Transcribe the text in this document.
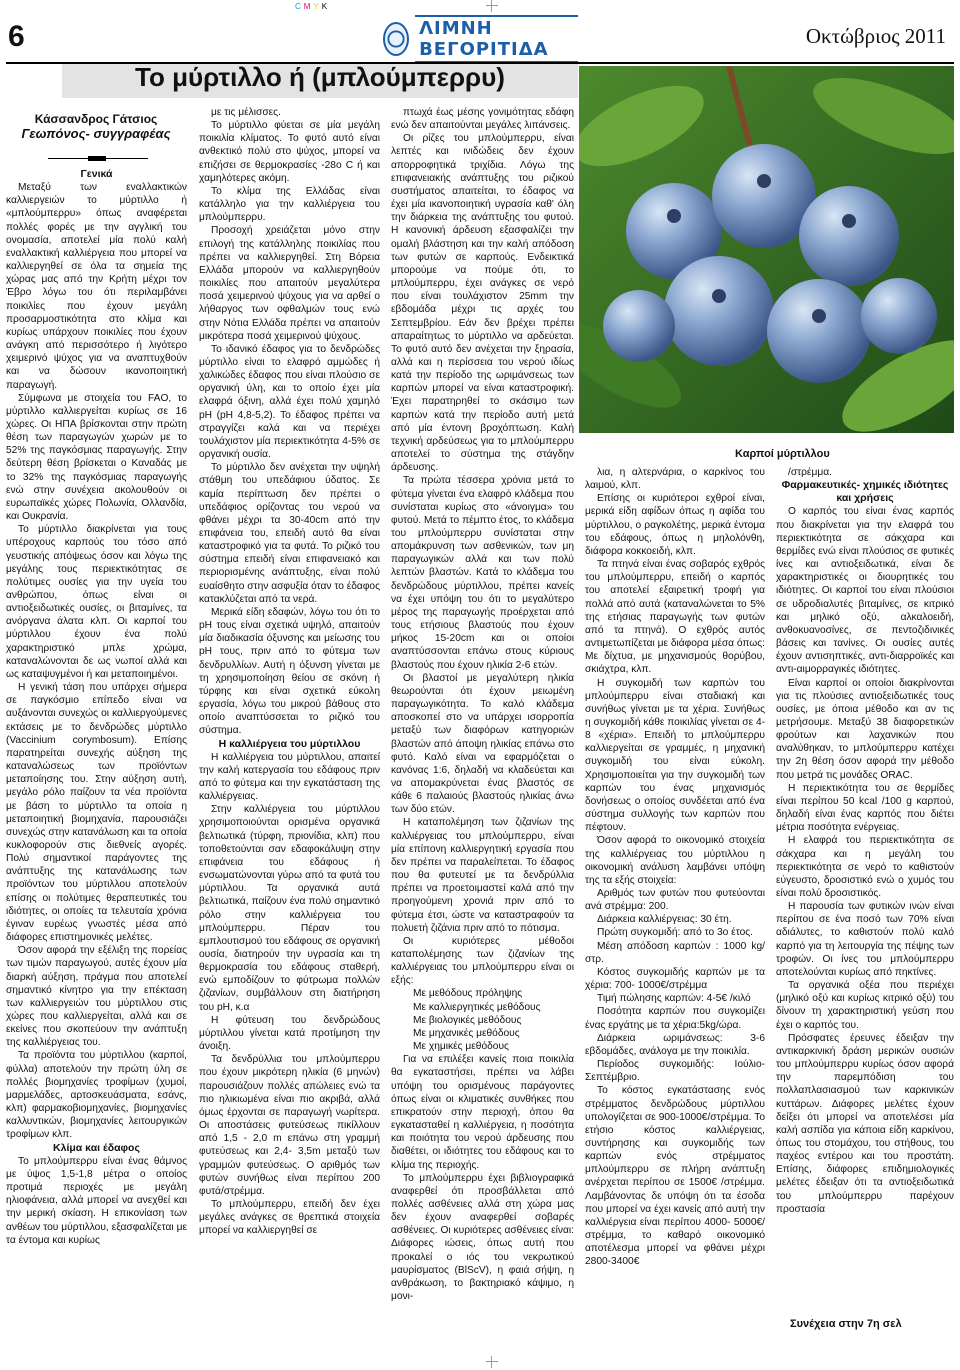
CMYK
6	ΛΙΜΝΗ ΒΕΓΟΡΙΤΙΔΑ
Οκτώβριος 2011
Το μύρτιλλο ή (μπλούμπερρυ)
Κάσσανδρος Γάτσιος
Γεωπόνος- συγγραφέας
Γενικά

Μεταξύ των εναλλακτικών καλλιεργειών το μύρτιλλο ή «μπλούμπερρυ» όπως αναφέρεται πολλές φορές με την αγγλική του ονομασία, αποτελεί μία πολύ καλή εναλλακτική καλλιέργεια που μπορεί να καλλιεργηθεί σε όλα τα σημεία της χώρας μας από την Κρήτη μέχρι τον Έβρο λόγω του ότι περιλαμβάνει ποικιλίες που έχουν μεγάλη προσαρμοστικότητα στο κλίμα και κυρίως υπάρχουν ποικιλίες που έχουν ανάγκη από περισσότερο ή λιγότερο χειμερινό ψύχος για να αναπτυχθούν και να δώσουν ικανοποιητική παραγωγή.

Σύμφωνα με στοιχεία του FAO, το μύρτιλλο καλλιεργείται κυρίως σε 16 χώρες. Οι ΗΠΑ βρίσκονται στην πρώτη θέση των παραγωγών χωρών με το 52% της παγκόσμιας παραγωγής. Στην δεύτερη θέση βρίσκεται ο Καναδάς με το 32% της παγκόσμιας παραγωγής ενώ στην συνέχεια ακολουθούν οι ευρωπαϊκές χώρες Πολωνία, Ολλανδία, και Ουκρανία.

Το μύρτιλλο διακρίνεται για τους υπέροχους καρπούς του τόσο από γευστικής απόψεως όσον και λόγω της μεγάλης τους περιεκτικότητας σε πολύτιμες ουσίες για την υγεία του ανθρώπου, όπως είναι οι αντιοξειδωτικές ουσίες, οι βιταμίνες, τα ανόργανα άλατα κλπ. Οι καρποί του μύρτιλλου έχουν ένα πολύ χαρακτηριστικό μπλε χρώμα, καταναλώνονται δε ως νωποί αλλά και ως καταψυγμένοι ή και μεταποιημένοι.

Η γενική τάση που υπάρχει σήμερα σε παγκόσμιο επίπεδο είναι να αυξάνονται συνεχώς οι καλλιεργούμενες εκτάσεις με το δενδρώδες μύρτιλλο (Vaccinium corymbosum). Επίσης παρατηρείται συνεχής αύξηση της καταναλώσεως των προϊόντων μεταποίησης του. Στην αύξηση αυτή, μεγάλο ρόλο παίζουν τα νέα προϊόντα με βάση το μύρτιλλο τα οποία η μεταποιητική βιομηχανία, παρουσιάζει συνεχώς στην κατανάλωση και τα οποία κυκλοφορούν στις διεθνείς αγορές. Πολύ σημαντικοί παράγοντες της ανάπτυξης της κατανάλωσης των προϊόντων του μύρτιλλου αποτελούν επίσης οι πολύτιμες θεραπευτικές του ιδιότητες, οι οποίες τα τελευταία χρόνια έγιναν ευρέως γνωστές μέσα από διάφορες επιστημονικές μελέτες.

Όσον αφορά την εξέλιξη της πορείας των τιμών παραγωγού, αυτές έχουν μία διαρκή αύξηση, πράγμα που αποτελεί σημαντικό κίνητρο για την επέκταση των καλλιεργειών του μύρτιλλου στις χώρες που καλλιεργείται, αλλά και σε εκείνες που σκοπεύουν την ανάπτυξη της καλλιέργειας του.

Τα προϊόντα του μύρτιλλου (καρποί, φύλλα) αποτελούν την πρώτη ύλη σε πολλές βιομηχανίες τροφίμων (χυμοί, μαρμελάδες, αρτοσκευάσματα, εσάνς, κλπ) φαρμακοβιομηχανίες, βιομηχανίες καλλυντικών, βιομηχανίες λειτουργικών τροφίμων κλπ.

Κλίμα και έδαφος

Το μπλούμπερρυ είναι ένας θάμνος με ύψος 1,5-1,8 μέτρα ο οποίος προτιμά περιοχές με μεγάλη ηλιοφάνεια, αλλά μπορεί να ανεχθεί και την μερική σκίαση. Η επικονίαση των ανθέων του μύρτιλλου, εξασφαλίζεται με τα έντομα και κυρίως

με τις μέλισσες.

Το μύρτιλλο φύεται σε μία μεγάλη ποικιλία κλίματος. Το φυτό αυτό είναι ανθεκτικό πολύ στο ψύχος, μπορεί να επιζήσει σε θερμοκρασίες -28ο C ή και χαμηλότερες ακόμη.

Το κλίμα της Ελλάδας είναι κατάλληλο για την καλλιέργεια του μπλούμπερρυ.

Προσοχή χρειάζεται μόνο στην επιλογή της κατάλληλης ποικιλίας που πρέπει να καλλιεργηθεί. Στη Βόρεια Ελλάδα μπορούν να καλλιεργηθούν ποικιλίες που απαιτούν μεγαλύτερα ποσά χειμερινού ψύχους για να αρθεί ο λήθαργος των οφθαλμών τους ενώ στην Νότια Ελλάδα πρέπει να απαιτούν μικρότερα ποσά χειμερινού ψύχους.

Το ιδανικό έδαφος για το δενδρώδες μύρτιλλο είναι το ελαφρό αμμώδες ή χαλικώδες έδαφος που είναι πλούσιο σε οργανική ύλη, και το οποίο έχει μία ελαφρά όξινη, αλλά έχει πολύ χαμηλό pH (pH 4,8-5,2). Το έδαφος πρέπει να στραγγίζει καλά και να περιέχει τουλάχιστον μία περιεκτικότητα 4-5% σε οργανική ουσία.

Το μύρτιλλο δεν ανέχεται την υψηλή στάθμη του υπεδάφιου ύδατος. Σε καμία περίπτωση δεν πρέπει ο υπεδάφιος ορίζοντας του νερού να φθάνει μέχρι τα 30-40cm από την επιφάνεια του, επειδή αυτό θα είναι καταστροφικό για τα φυτά. Το ριζικό του σύστημα επειδή είναι επιφανειακό και περιορισμένης ανάπτυξης, είναι πολύ ευαίσθητο στην ασφυξία όταν το έδαφος κατακλύζεται από τα νερά.

Μερικά είδη εδαφών, λόγω του ότι το pH τους είναι σχετικά υψηλό, απαιτούν μία διαδικασία όξυνσης και μείωσης του pH τους, πριν από το φύτεμα των δενδρυλλίων. Αυτή η όξυνση γίνεται με τη χρησιμοποίηση θείου σε σκόνη ή τύρφης και είναι σχετικά εύκολη εργασία, λόγω του μικρού βάθους στο οποίο αναπτύσσεται το ριζικό του σύστημα.

Η καλλιέργεια του μύρτιλλου

Η καλλιέργεια του μύρτιλλου, απαιτεί την καλή κατεργασία του εδάφους πριν από το φύτεμα και την εγκατάσταση της καλλιέργειας.

Στην καλλιέργεια του μύρτιλλου χρησιμοποιούνται ορισμένα οργανικά βελτιωτικά (τύρφη, πριονίδια, κλπ) που τοποθετούνται σαν εδαφοκάλυψη στην επιφάνεια του εδάφους ή ενσωματώνονται γύρω από τα φυτά του μύρτιλλου. Τα οργανικά αυτά βελτιωτικά, παίζουν ένα πολύ σημαντικό ρόλο στην καλλιέργεια του μπλούμπερρυ. Πέραν του εμπλουτισμού του εδάφους σε οργανική ουσία, διατηρούν την υγρασία και τη θερμοκρασία του εδάφους σταθερή, ενώ εμποδίζουν το φύτρωμα πολλών ζιζανίων, συμβάλλουν στη διατήρηση του pH, κ.α

Η φύτευση του δενδρώδους μύρτιλλου γίνεται κατά προτίμηση την άνοιξη.

Τα δενδρύλλια του μπλούμπερρυ που έχουν μικρότερη ηλικία (6 μηνών) παρουσιάζουν πολλές απώλειες ενώ τα πιο ηλικιωμένα είναι πιο ακριβά, αλλά όμως έρχονται σε παραγωγή νωρίτερα. Οι αποστάσεις φυτεύσεως πικίλλουν από 1,5 - 2,0 m επάνω στη γραμμή φυτεύσεως και 2,4- 3,5m μεταξύ των γραμμών φυτεύσεως. Ο αριθμός των φυτών συνήθως είναι περίπου 200 φυτά/στρέμμα.

Το μπλούμπερρυ, επειδή δεν έχει μεγάλες ανάγκες σε θρεπτικά στοιχεία μπορεί να καλλιεργηθεί σε

πτωχά έως μέσης γονιμότητας εδάφη ενώ δεν απαιτούνται μεγάλες λιπάνσεις.

Οι ρίζες του μπλούμπερρυ, είναι λεπτές και ινιδώδεις δεν έχουν απορροφητικά τριχίδια. Λόγω της επιφανειακής ανάπτυξης του ριζικού συστήματος απαιτείται, το έδαφος να έχει μία ικανοποιητική υγρασία καθ' όλη την διάρκεια της ανάπτυξης του φυτού. Η κανονική άρδευση εξασφαλίζει την ομαλή βλάστηση και την καλή απόδοση των φυτών σε καρπούς. Ενδεικτικά μπορούμε να πούμε ότι, το μπλούμπερρυ, έχει ανάγκες σε νερό που είναι τουλάχιστον 25mm την εβδομάδα μέχρι τις αρχές του Σεπτεμβρίου. Εάν δεν βρέχει πρέπει απαραίτητως το μύρτιλλο να αρδεύεται. Το φυτό αυτό δεν ανέχεται την ξηρασία, αλλά και η περίσσεια του νερού ιδίως κατά την περίοδο της ωριμάνσεως των καρπών μπορεί να είναι καταστροφική. Έχει παρατηρηθεί το σκάσιμο των καρπών κατά την περίοδο αυτή μετά από μία έντονη βροχόπτωση. Καλή τεχνική αρδεύσεως για το μπλούμπερρυ αποτελεί το σύστημα της στάγδην άρδευσης.

Τα πρώτα τέσσερα χρόνια μετά το φύτεμα γίνεται ένα ελαφρό κλάδεμα που συνίσταται κυρίως στο «άνοιγμα» του φυτού. Μετά το πέμπτο έτος, το κλάδεμα του μπλούμπερρυ συνίσταται στην απομάκρυνση των ασθενικών, των μη παραγωγικών αλλά και των πολύ λεπτών βλαστών. Κατά το κλάδεμα του δενδρώδους μύρτιλλου, πρέπει κανείς να έχει υπόψη του ότι το μεγαλύτερο μέρος της παραγωγής προέρχεται από τους ετήσιους βλαστούς που έχουν μήκος 15-20cm και οι οποίοι αναπτύσσονται επάνω στους κύριους βλαστούς που έχουν ηλικία 2-6 ετών.

Οι βλαστοί με μεγαλύτερη ηλικία θεωρούνται ότι έχουν μειωμένη παραγωγικότητα. Το καλό κλάδεμα αποσκοπεί στο να υπάρχει ισορροπία μεταξύ των διαφόρων κατηγοριών βλαστών από άποψη ηλικίας επάνω στο φυτό. Καλό είναι να εφαρμόζεται ο κανόνας 1:6, δηλαδή να κλαδεύεται και να απομακρύνεται ένας βλαστός σε κάθε 6 παλαιούς βλαστούς ηλικίας άνω των δύο ετών.

Η καταπολέμηση των ζιζανίων της καλλιέργειας του μπλούμπερρυ, είναι μία επίπονη καλλιεργητική εργασία που δεν πρέπει να παραλείπεται. Το έδαφος που θα φυτευτεί με τα δενδρύλλια πρέπει να προετοιμαστεί καλά από την προηγούμενη χρονιά πριν από το φύτεμα έτσι, ώστε να καταστραφούν τα πολυετή ζιζάνια πριν από το πότισμα.

Οι κυριότερες μέθοδοι καταπολέμησης των ζιζανίων της καλλιέργειας του μπλούμπερρυ είναι οι εξής:

Με μεθόδους πρόληψης

Με καλλιεργητικές μεθόδους

Με βιολογικές μεθόδους

Με μηχανικές μεθόδους

Με χημικές μεθόδους

Για να επιλέξει κανείς ποια ποικιλία θα εγκαταστήσει, πρέπει να λάβει υπόψη του ορισμένους παράγοντες όπως είναι οι κλιματικές συνθήκες που επικρατούν στην περιοχή, όπου θα εγκατασταθεί η καλλιέργεια, η ποσότητα και ποιότητα του νερού άρδευσης που διαθέτει, οι ιδιότητες του εδάφους και το κλίμα της περιοχής.

Το μπλούμπερρυ έχει βιβλιογραφικά αναφερθεί ότι προσβάλλεται από πολλές ασθένειες αλλά στη χώρα μας δεν έχουν αναφερθεί σοβαρές ασθένειες. Οι κυριότερες ασθένειες είναι: Διάφορες ιώσεις, όπως αυτή που προκαλεί ο ιός του νεκρωτικού μαυρίσματος (BlScV), η φαιά σήψη, η ανθράκωση, το βακτηριακό κάψιμο, η μονι-

λια, η αλτερνάρια, ο καρκίνος του λαιμού, κλπ.

Επίσης οι κυριότεροι εχθροί είναι, μερικά είδη αφίδων όπως η αφίδα του μύρτιλλου, ο ραγκολέτης, μερικά έντομα του εδάφους, όπως η μηλολόνθη, διάφορα κοκκοειδή, κλπ.

Τα πτηνά είναι ένας σοβαρός εχθρός του μπλούμπερρυ, επειδή ο καρπός του αποτελεί εξαιρετική τροφή για πολλά από αυτά (καταναλώνεται το 5% της ετήσιας παραγωγής των φυτών από τα πτηνά). Ο εχθρός αυτός αντιμετωπίζεται με διάφορα μέσα όπως: Με δίχτυα, με μηχανισμούς θορύβου, σκιάχτρα, κλπ.

Η συγκομιδή των καρπών του μπλούμπερρυ είναι σταδιακή και συνήθως γίνεται με τα χέρια. Συνήθως η συγκομιδή κάθε ποικιλίας γίνεται σε 4-8 «χέρια». Επειδή το μπλούμπερρυ καλλιεργείται σε γραμμές, η μηχανική συγκομιδή του είναι εύκολη. Χρησιμοποιείται για την συγκομιδή των καρπών του ένας μηχανισμός δονήσεως ο οποίος συνδέεται από ένα σύστημα συλλογής των καρπών που πέφτουν.

Όσον αφορά το οικονομικό στοιχεία της καλλιέργειας του μύρτιλλου η οικονομική ανάλυση λαμβάνει υπόψη της τα εξής στοιχεία:

Αριθμός των φυτών που φυτεύονται ανά στρέμμα: 200.

Διάρκεια καλλιέργειας: 30 έτη.

Πρώτη συγκομιδή: από το 3ο έτος.

Μέση απόδοση καρπών : 1000 kg/στρ.

Κόστος συγκομιδής καρπών με τα χέρια: 700- 1000€/στρέμμα

Τιμή πώλησης καρπών: 4-5€ /κιλό

Ποσότητα καρπών που συγκομίζει ένας εργάτης με τα χέρια:5kg/ώρα.

Διάρκεια ωριμάνσεως: 3-6 εβδομάδες, ανάλογα με την ποικιλία.

Περίοδος συγκομιδής: Ιούλιο- Σεπτέμβριο.

Το κόστος εγκατάστασης ενός στρέμματος δενδρώδους μύρτιλλου υπολογίζεται σε 900-1000€/στρέμμα. Το ετήσιο κόστος καλλιέργειας, συντήρησης και συγκομιδής των καρπών ενός στρέμματος μπλούμπερρυ σε πλήρη ανάπτυξη ανέρχεται περίπου σε 1500€ /στρέμμα. Λαμβάνοντας δε υπόψη ότι τα έσοδα που μπορεί να έχει κανείς από αυτή την καλλιέργεια είναι περίπου 4000- 5000€/ στρέμμα, το καθαρό οικονομικό αποτέλεσμα μπορεί να φθάνει μέχρι 2800-3400€

/στρέμμα.

Φαρμακευτικές- χημικές ιδιότητες και χρήσεις

Ο καρπός του είναι ένας καρπός που διακρίνεται για την ελαφρά του περιεκτικότητα σε σάκχαρα και θερμίδες ενώ είναι πλούσιος σε φυτικές ίνες και αντιοξειδωτικά, είναι δε χαρακτηριστικές οι διουρητικές του ιδιότητες. Οι καρποί του είναι πλούσιοι σε υδροδιαλυτές βιταμίνες, σε κιτρικό και μηλικό οξύ, αλκαλοειδή, ανθοκυανοσίνες, σε πεντοζιδινικές βάσεις και τανίνες. Οι ουσίες αυτές έχουν αντισηπτικές, αντι-διαρροϊκές και αντι-αιμορραγικές ιδιότητες.

Είναι καρποί οι οποίοι διακρίνονται για τις πλούσιες αντιοξειδωτικές τους ουσίες, με όποια μέθοδο και αν τις μετρήσουμε. Μεταξύ 38 διαφορετικών φρούτων και λαχανικών που αναλύθηκαν, το μπλούμπερρυ κατέχει την 2η θέση όσον αφορά την μέθοδο που μετρά τις μονάδες ORAC.

Η περιεκτικότητα του σε θερμίδες είναι περίπου 50 kcal /100 g καρπού, δηλαδή είναι ένας καρπός που διέτει μέτρια ποσότητα ενέργειας.

Η ελαφρά του περιεκτικότητα σε σάκχαρα και η μεγάλη του περιεκτικότητα σε νερό το καθιστούν εύγευστο, δροσιστικό ενώ ο χυμός του είναι πολύ δροσιστικός.

Η παρουσία των φυτικών ινών είναι περίπου σε ένα ποσό των 70% είναι αδιάλυτες, το καθιστούν πολύ καλό καρπό για τη λειτουργία της πέψης των τροφών. Οι ίνες του μπλούμπερρυ αποτελούνται κυρίως από πηκτίνες.

Τα οργανικά οξέα που περιέχει (μηλικό οξύ και κυρίως κιτρικό οξύ) του δίνουν τη χαρακτηριστική γεύση που έχει ο καρπός του.

Πρόσφατες έρευνες έδειξαν την αντικαρκινική δράση μερικών ουσιών του μπλούμπερρυ κυρίως όσον αφορά την παρεμπόδιση του πολλαπλασιασμού των καρκινικών κυττάρων. Διάφορες μελέτες έχουν δείξει ότι μπορεί να αποτελέσει μία καλή ασπίδα για κάποια είδη καρκίνου, όπως του στομάχου, του στήθους, του παχέος εντέρου και του προστάτη. Επίσης, διάφορες επιδημιολογικές μελέτες έδειξαν ότι τα αντιοξειδωτικά του μπλούμπερρυ παρέχουν προστασία

Καρποί μύρτιλλου
Συνέχεια στην 7η σελ
